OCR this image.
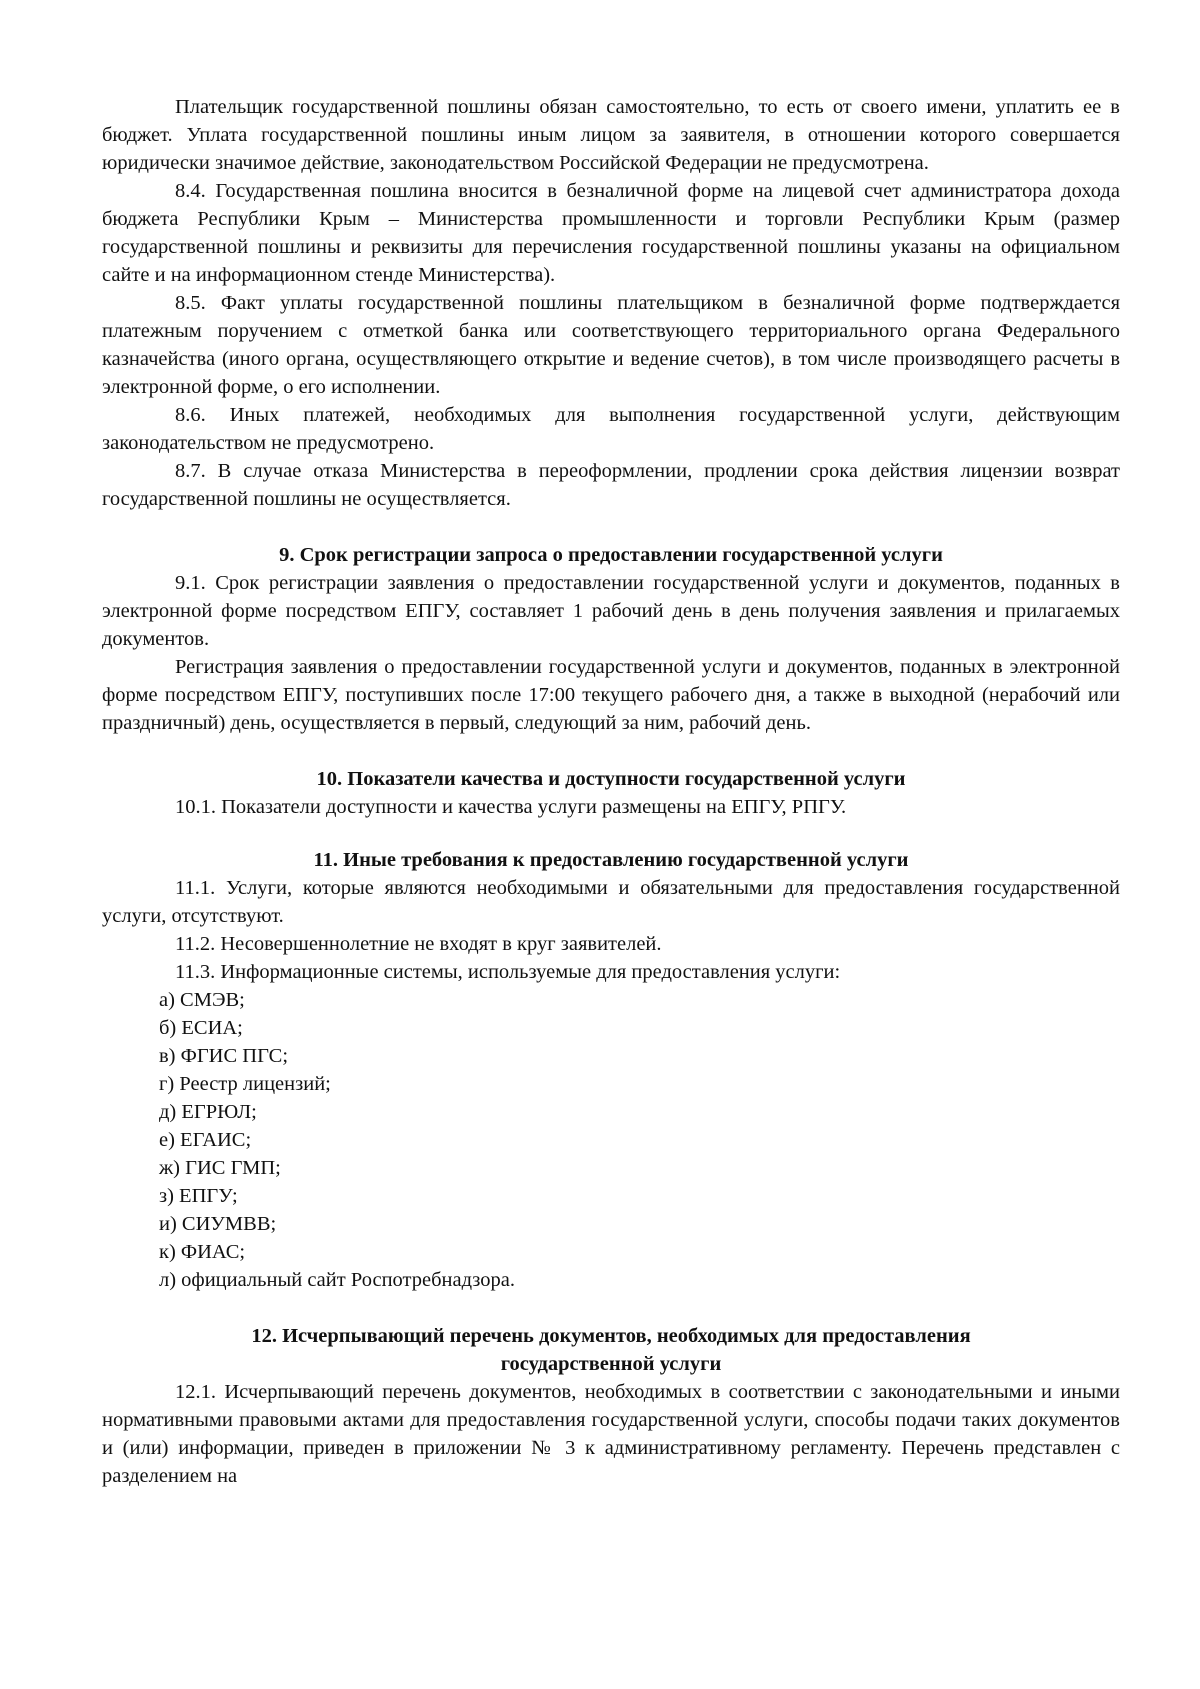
Плательщик государственной пошлины обязан самостоятельно, то есть от своего имени, уплатить ее в бюджет. Уплата государственной пошлины иным лицом за заявителя, в отношении которого совершается юридически значимое действие, законодательством Российской Федерации не предусмотрена.

8.4. Государственная пошлина вносится в безналичной форме на лицевой счет администратора дохода бюджета Республики Крым – Министерства промышленности и торговли Республики Крым (размер государственной пошлины и реквизиты для перечисления государственной пошлины указаны на официальном сайте и на информационном стенде Министерства).

8.5. Факт уплаты государственной пошлины плательщиком в безналичной форме подтверждается платежным поручением с отметкой банка или соответствующего территориального органа Федерального казначейства (иного органа, осуществляющего открытие и ведение счетов), в том числе производящего расчеты в электронной форме, о его исполнении.

8.6. Иных платежей, необходимых для выполнения государственной услуги, действующим законодательством не предусмотрено.

8.7. В случае отказа Министерства в переоформлении, продлении срока действия лицензии возврат государственной пошлины не осуществляется.

9. Срок регистрации запроса о предоставлении государственной услуги

9.1. Срок регистрации заявления о предоставлении государственной услуги и документов, поданных в электронной форме посредством ЕПГУ, составляет 1 рабочий день в день получения заявления и прилагаемых документов.

Регистрация заявления о предоставлении государственной услуги и документов, поданных в электронной форме посредством ЕПГУ, поступивших после 17:00 текущего рабочего дня, а также в выходной (нерабочий или праздничный) день, осуществляется в первый, следующий за ним, рабочий день.

10. Показатели качества и доступности государственной услуги

10.1. Показатели доступности и качества услуги размещены на ЕПГУ, РПГУ.

11. Иные требования к предоставлению государственной услуги

11.1. Услуги, которые являются необходимыми и обязательными для предоставления государственной услуги, отсутствуют.

11.2. Несовершеннолетние не входят в круг заявителей.

11.3. Информационные системы, используемые для предоставления услуги:

а) СМЭВ;
б) ЕСИА;
в) ФГИС ПГС;
г) Реестр лицензий;
д) ЕГРЮЛ;
е) ЕГАИС;
ж) ГИС ГМП;
з) ЕПГУ;
и) СИУМВВ;
к) ФИАС;
л) официальный сайт Роспотребнадзора.
12. Исчерпывающий перечень документов, необходимых для предоставления
государственной услуги

12.1. Исчерпывающий перечень документов, необходимых в соответствии с законодательными и иными нормативными правовыми актами для предоставления государственной услуги, способы подачи таких документов и (или) информации, приведен в приложении № 3 к административному регламенту. Перечень представлен с разделением на
